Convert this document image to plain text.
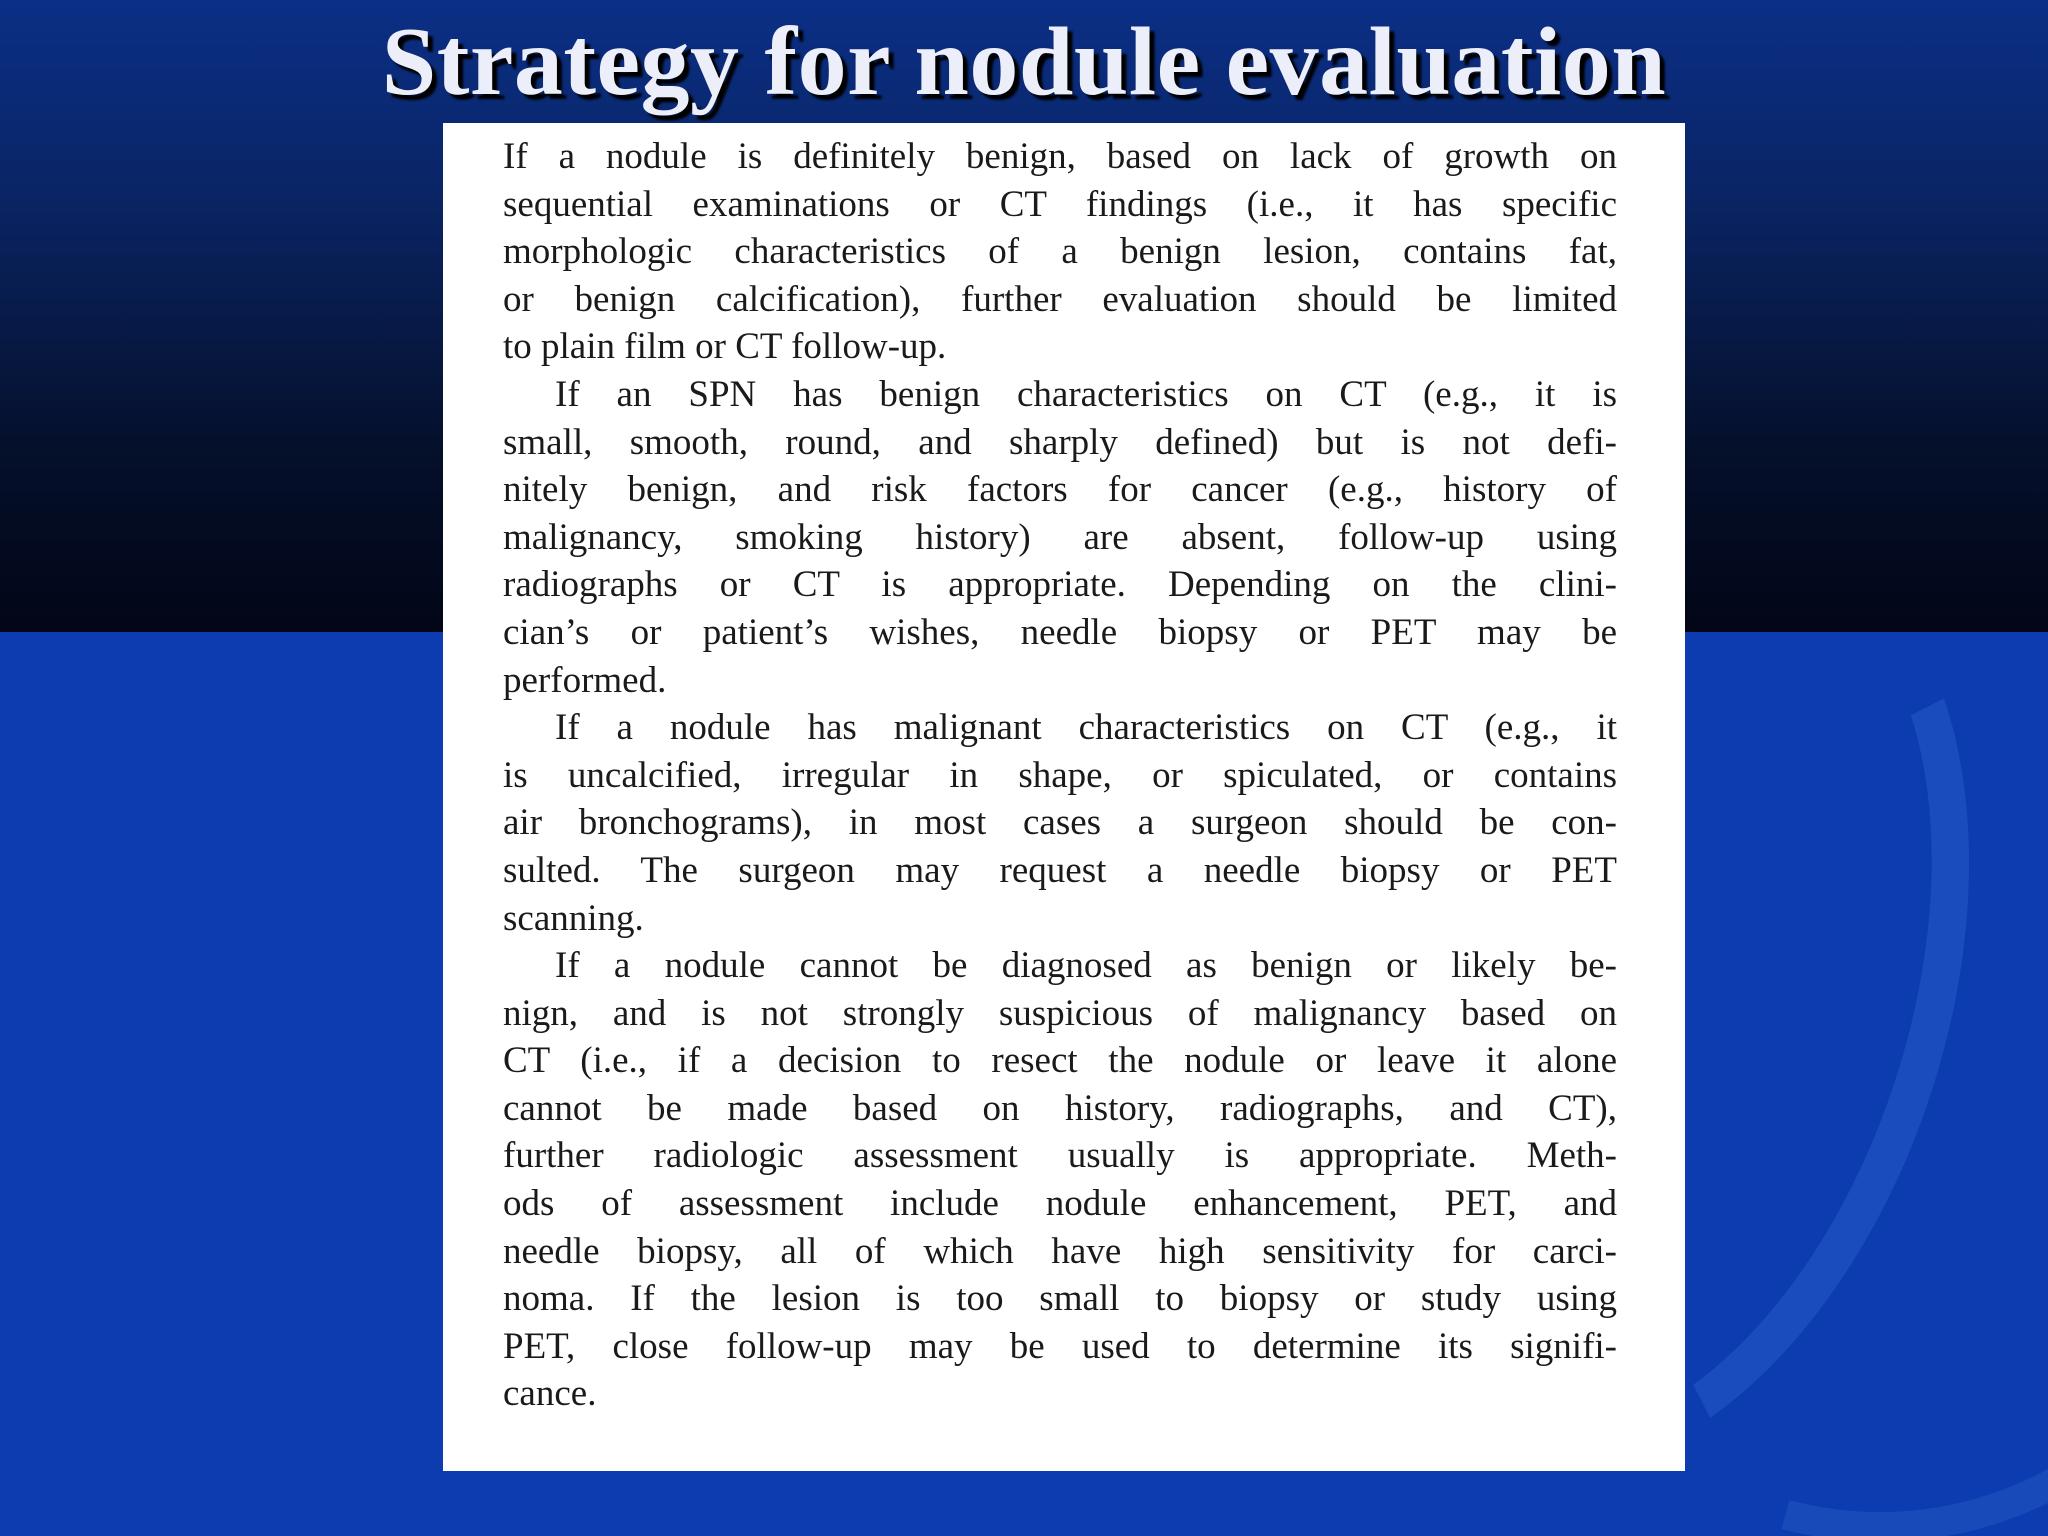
Strategy for nodule evaluation
If a nodule is definitely benign, based on lack of growth on
sequential examinations or CT findings (i.e., it has specific
morphologic characteristics of a benign lesion, contains fat,
or benign calcification), further evaluation should be limited
to plain film or CT follow-up.
If an SPN has benign characteristics on CT (e.g., it is
small, smooth, round, and sharply defined) but is not defi-
nitely benign, and risk factors for cancer (e.g., history of
malignancy, smoking history) are absent, follow-up using
radiographs or CT is appropriate. Depending on the clini-
cian’s or patient’s wishes, needle biopsy or PET may be
performed.
If a nodule has malignant characteristics on CT (e.g., it
is uncalcified, irregular in shape, or spiculated, or contains
air bronchograms), in most cases a surgeon should be con-
sulted. The surgeon may request a needle biopsy or PET
scanning.
If a nodule cannot be diagnosed as benign or likely be-
nign, and is not strongly suspicious of malignancy based on
CT (i.e., if a decision to resect the nodule or leave it alone
cannot be made based on history, radiographs, and CT),
further radiologic assessment usually is appropriate. Meth-
ods of assessment include nodule enhancement, PET, and
needle biopsy, all of which have high sensitivity for carci-
noma. If the lesion is too small to biopsy or study using
PET, close follow-up may be used to determine its signifi-
cance.
